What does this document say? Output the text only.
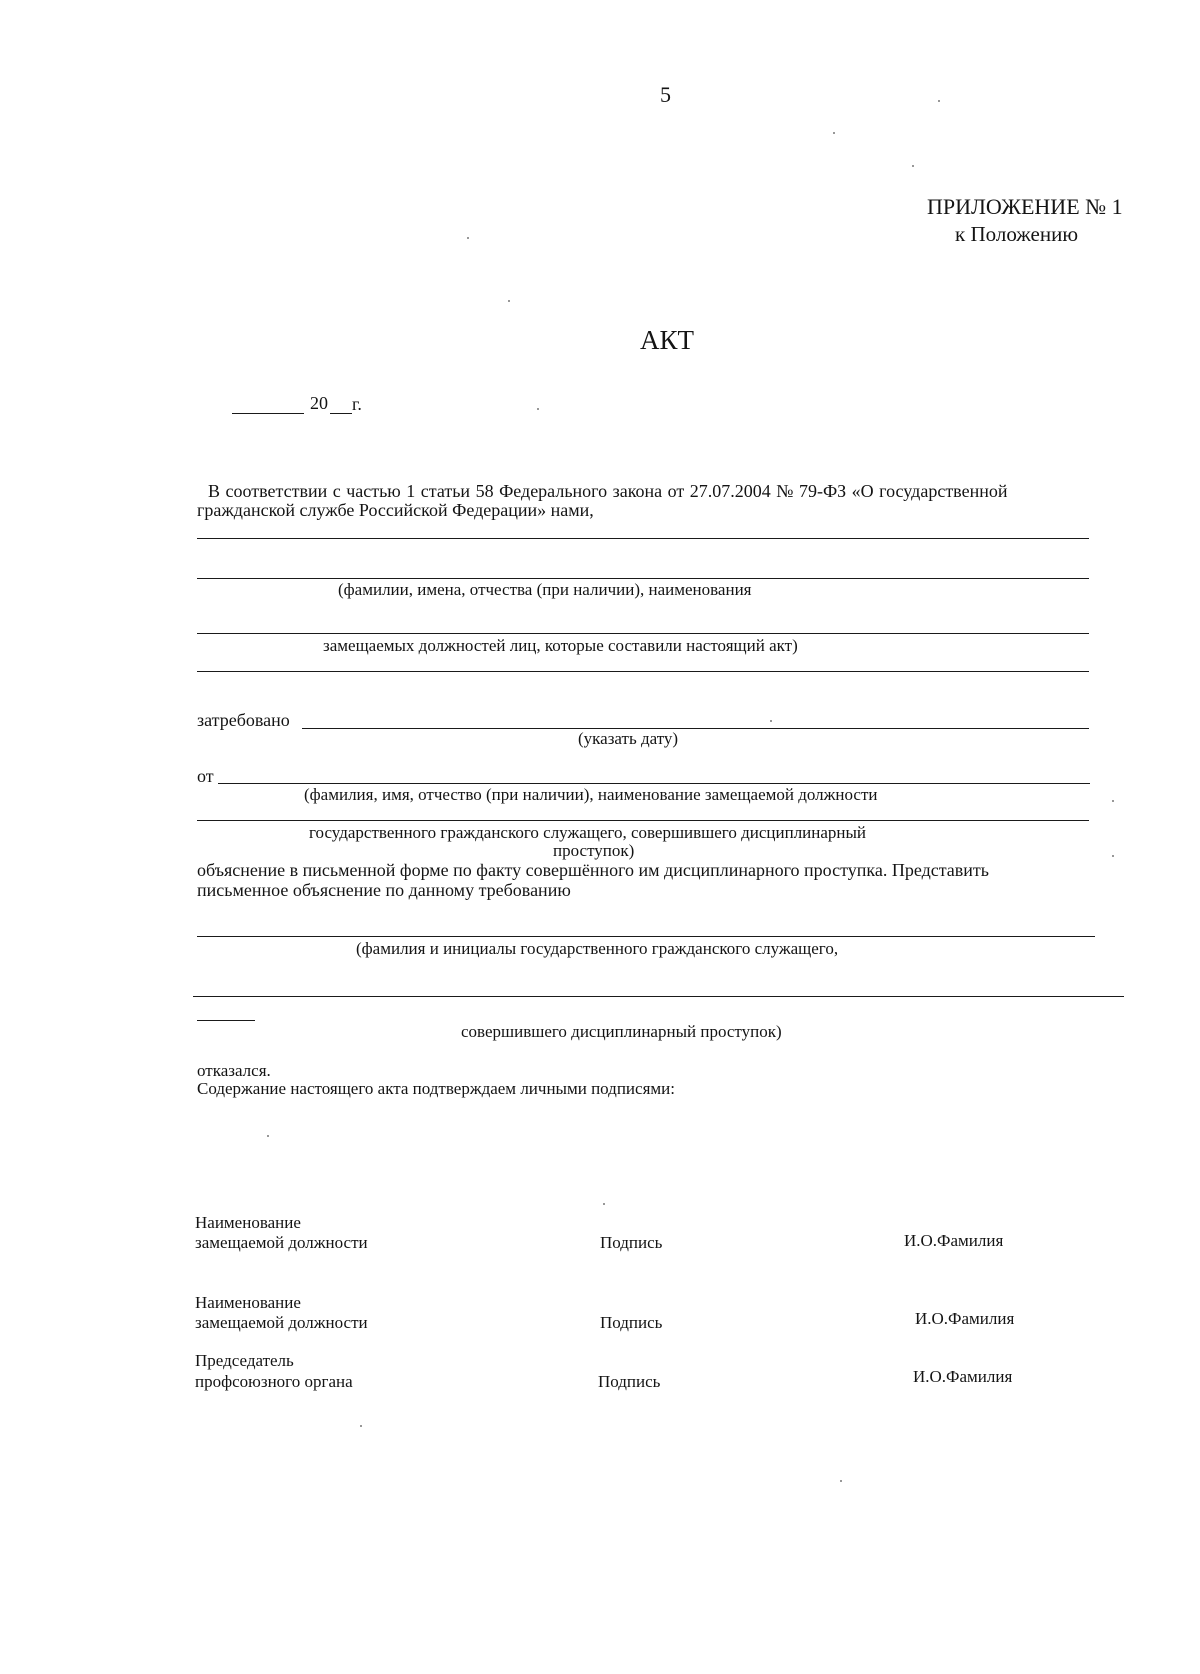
5
ПРИЛОЖЕНИЕ № 1
к Положению
АКТ
20 г.
В соответствии с частью 1 статьи 58 Федерального закона от 27.07.2004 № 79-ФЗ «О государственной
гражданской службе Российской Федерации» нами,
(фамилии, имена, отчества (при наличии), наименования
замещаемых должностей лиц, которые составили настоящий акт)
затребовано
(указать дату)
от
(фамилия, имя, отчество (при наличии), наименование замещаемой должности
государственного гражданского служащего, совершившего дисциплинарный
проступок)
объяснение в письменной форме по факту совершённого им дисциплинарного проступка. Представить
письменное объяснение по данному требованию
(фамилия и инициалы государственного гражданского служащего,
совершившего дисциплинарный проступок)
отказался.
Содержание настоящего акта подтверждаем личными подписями:
Наименование
замещаемой должности	Подпись	И.О.Фамилия
Наименование
замещаемой должности	Подпись	И.О.Фамилия
Председатель
профсоюзного органа	Подпись	И.О.Фамилия
